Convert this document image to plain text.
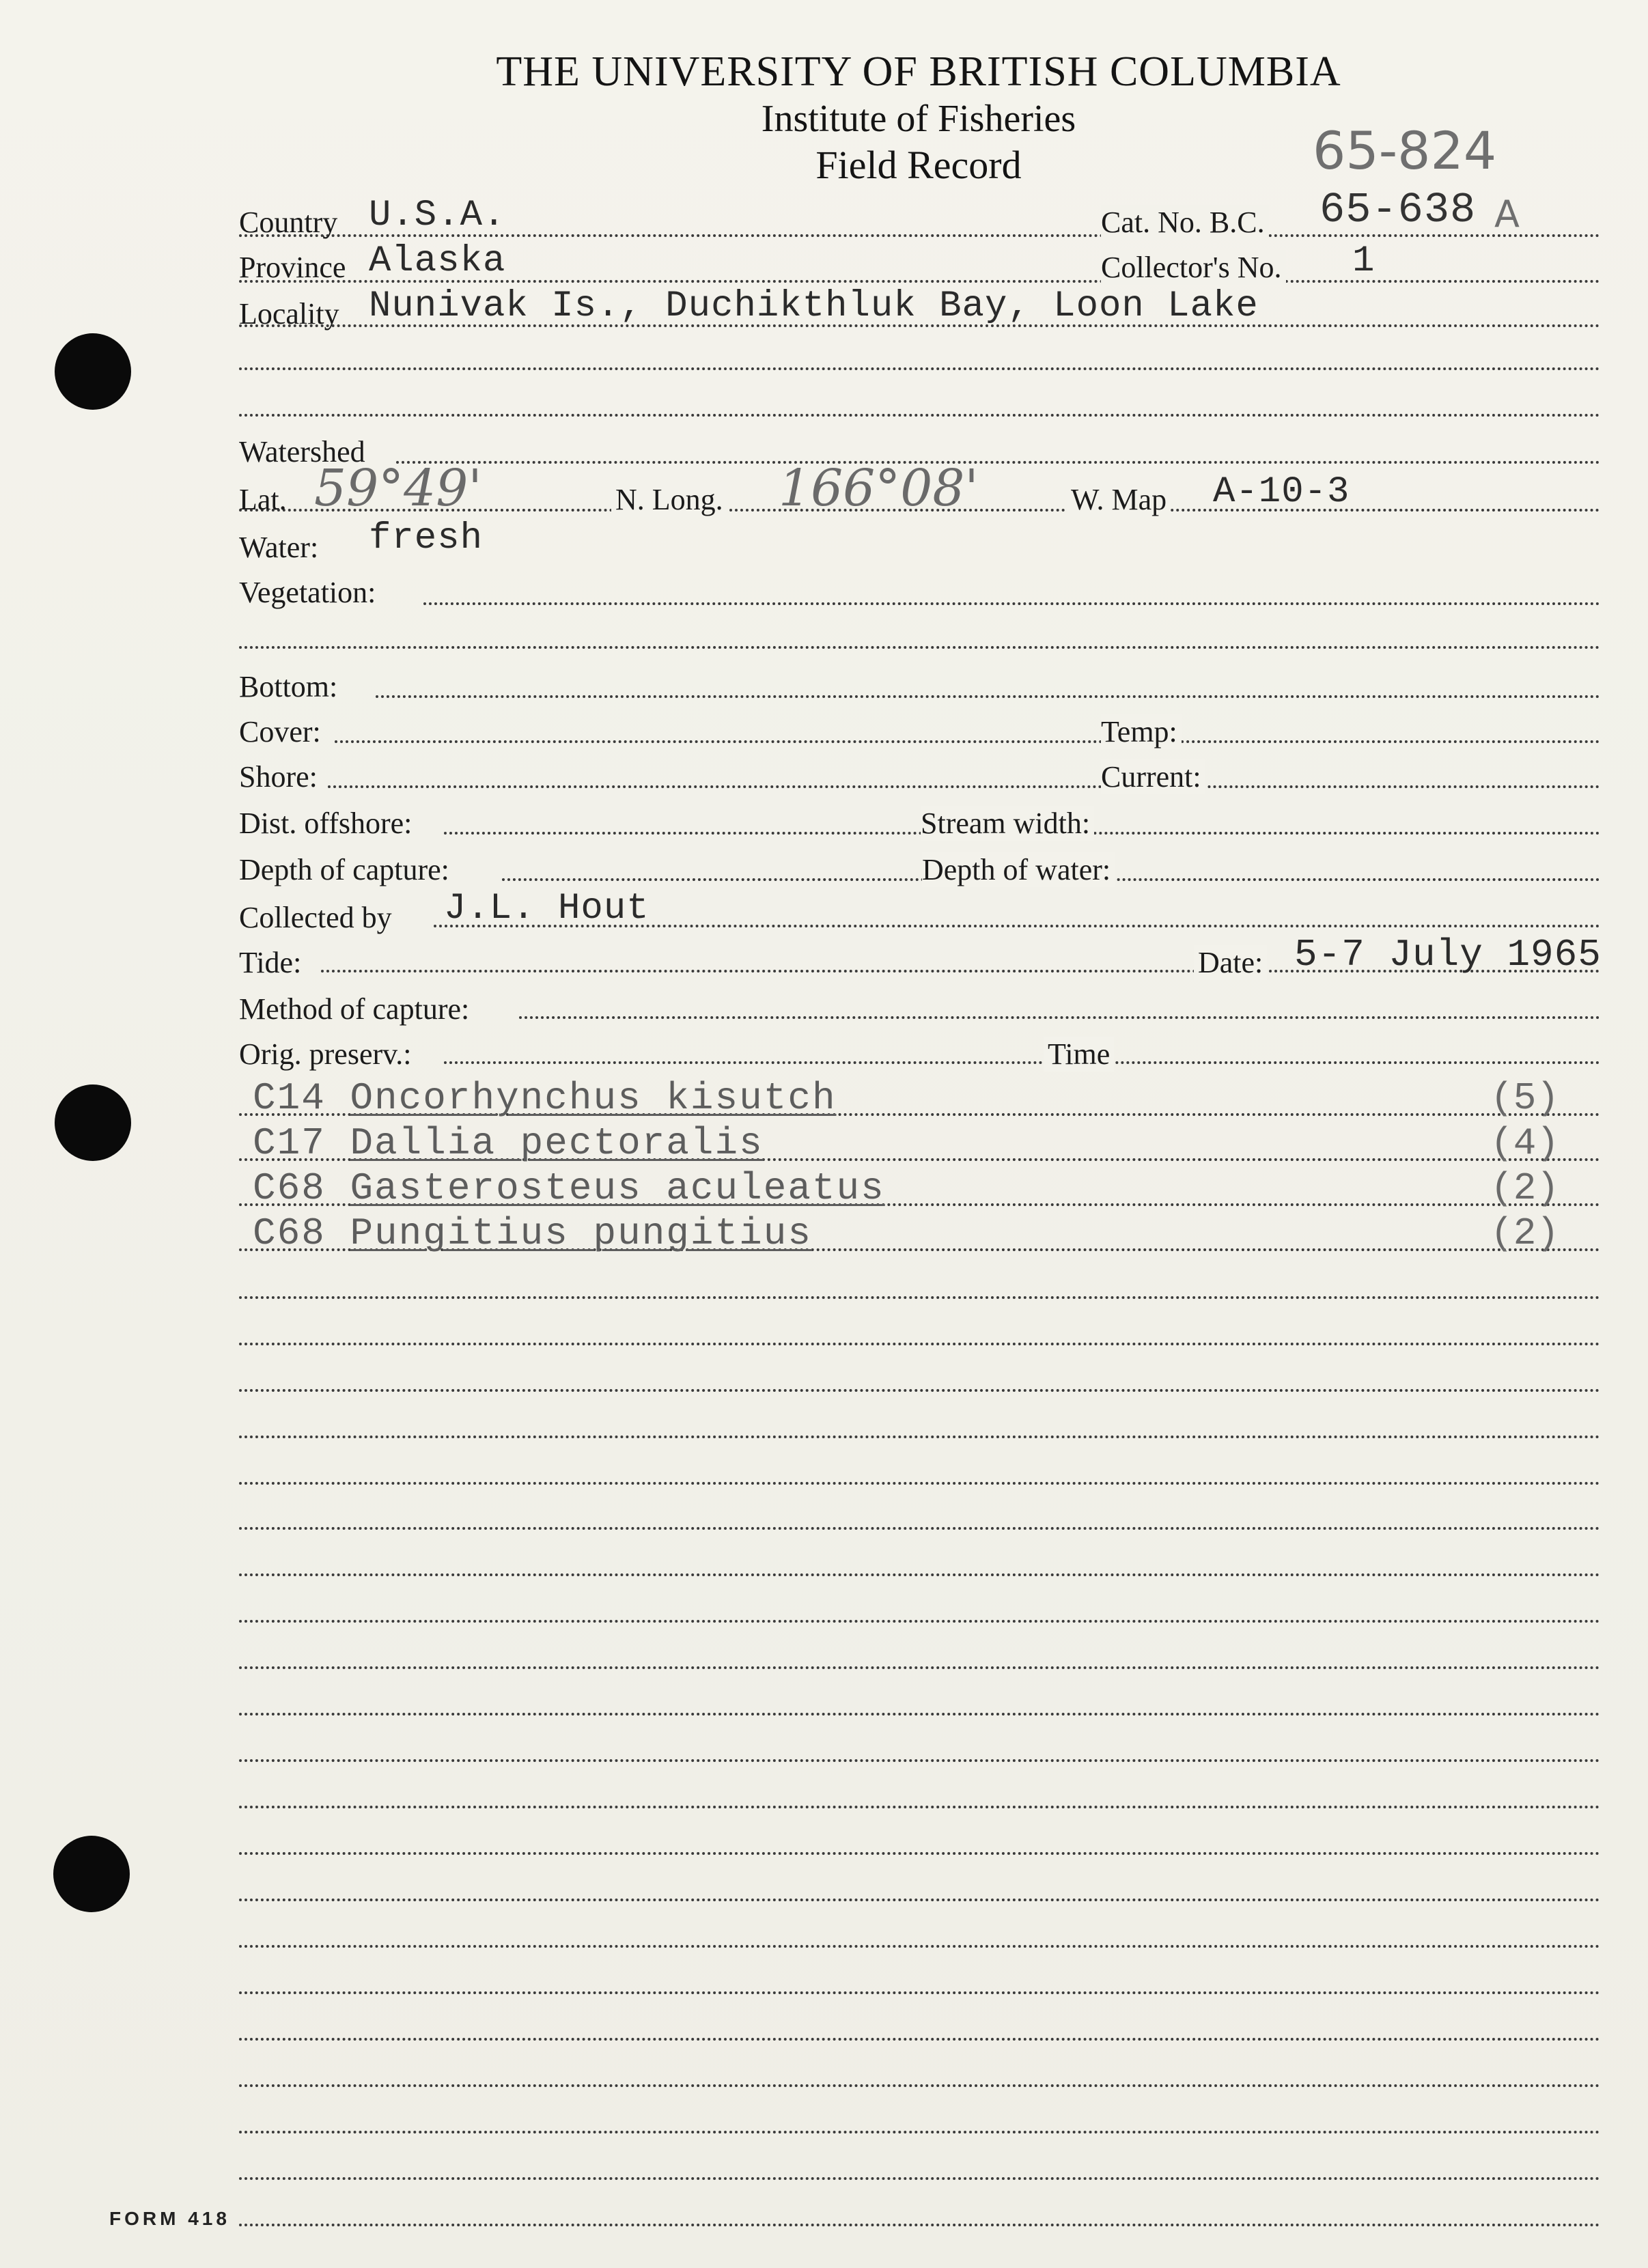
THE UNIVERSITY OF BRITISH COLUMBIA
Institute of Fisheries
Field Record	65-824
Country U.S.A.	Cat. No. B.C. 65-638 A
Province Alaska	Collector's No. 1
Locality Nunivak Is., Duchikthluk Bay, Loon Lake
Watershed
Lat. 59°49'	N. Long. 166°08'	W. Map A-10-3
Water: fresh
Vegetation:
Bottom:
Cover:	Temp:
Shore:	Current:
Dist. offshore:	Stream width:
Depth of capture:	Depth of water:
Collected by J.L. Hout
Tide:	Date: 5-7 July 1965
Method of capture:
Orig. preserv.:	Time
C14 Oncorhynchus kisutch	(5)
C17 Dallia pectoralis	(4)
C68 Gasterosteus aculeatus	(2)
C68 Pungitius pungitius	(2)
FORM 418
